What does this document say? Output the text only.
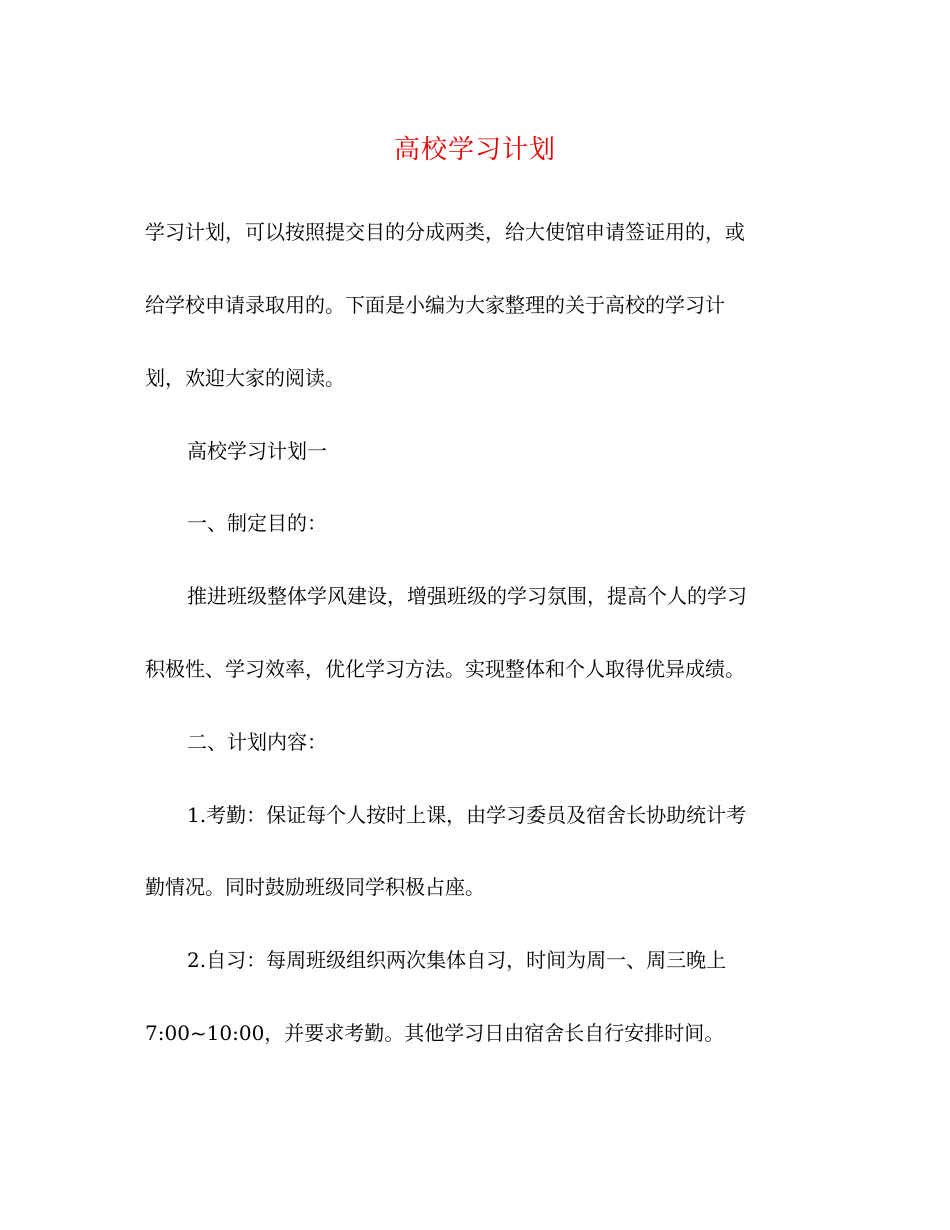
高校学习计划
学习计划，可以按照提交目的分成两类，给大使馆申请签证用的，或
给学校申请录取用的。下面是小编为大家整理的关于高校的学习计
划，欢迎大家的阅读。
高校学习计划一
一、制定目的：
推进班级整体学风建设，增强班级的学习氛围，提高个人的学习
积极性、学习效率，优化学习方法。实现整体和个人取得优异成绩。
二、计划内容：
1.考勤：保证每个人按时上课，由学习委员及宿舍长协助统计考
勤情况。同时鼓励班级同学积极占座。
2.自习：每周班级组织两次集体自习，时间为周一、周三晚上
7:00~10:00，并要求考勤。其他学习日由宿舍长自行安排时间。
